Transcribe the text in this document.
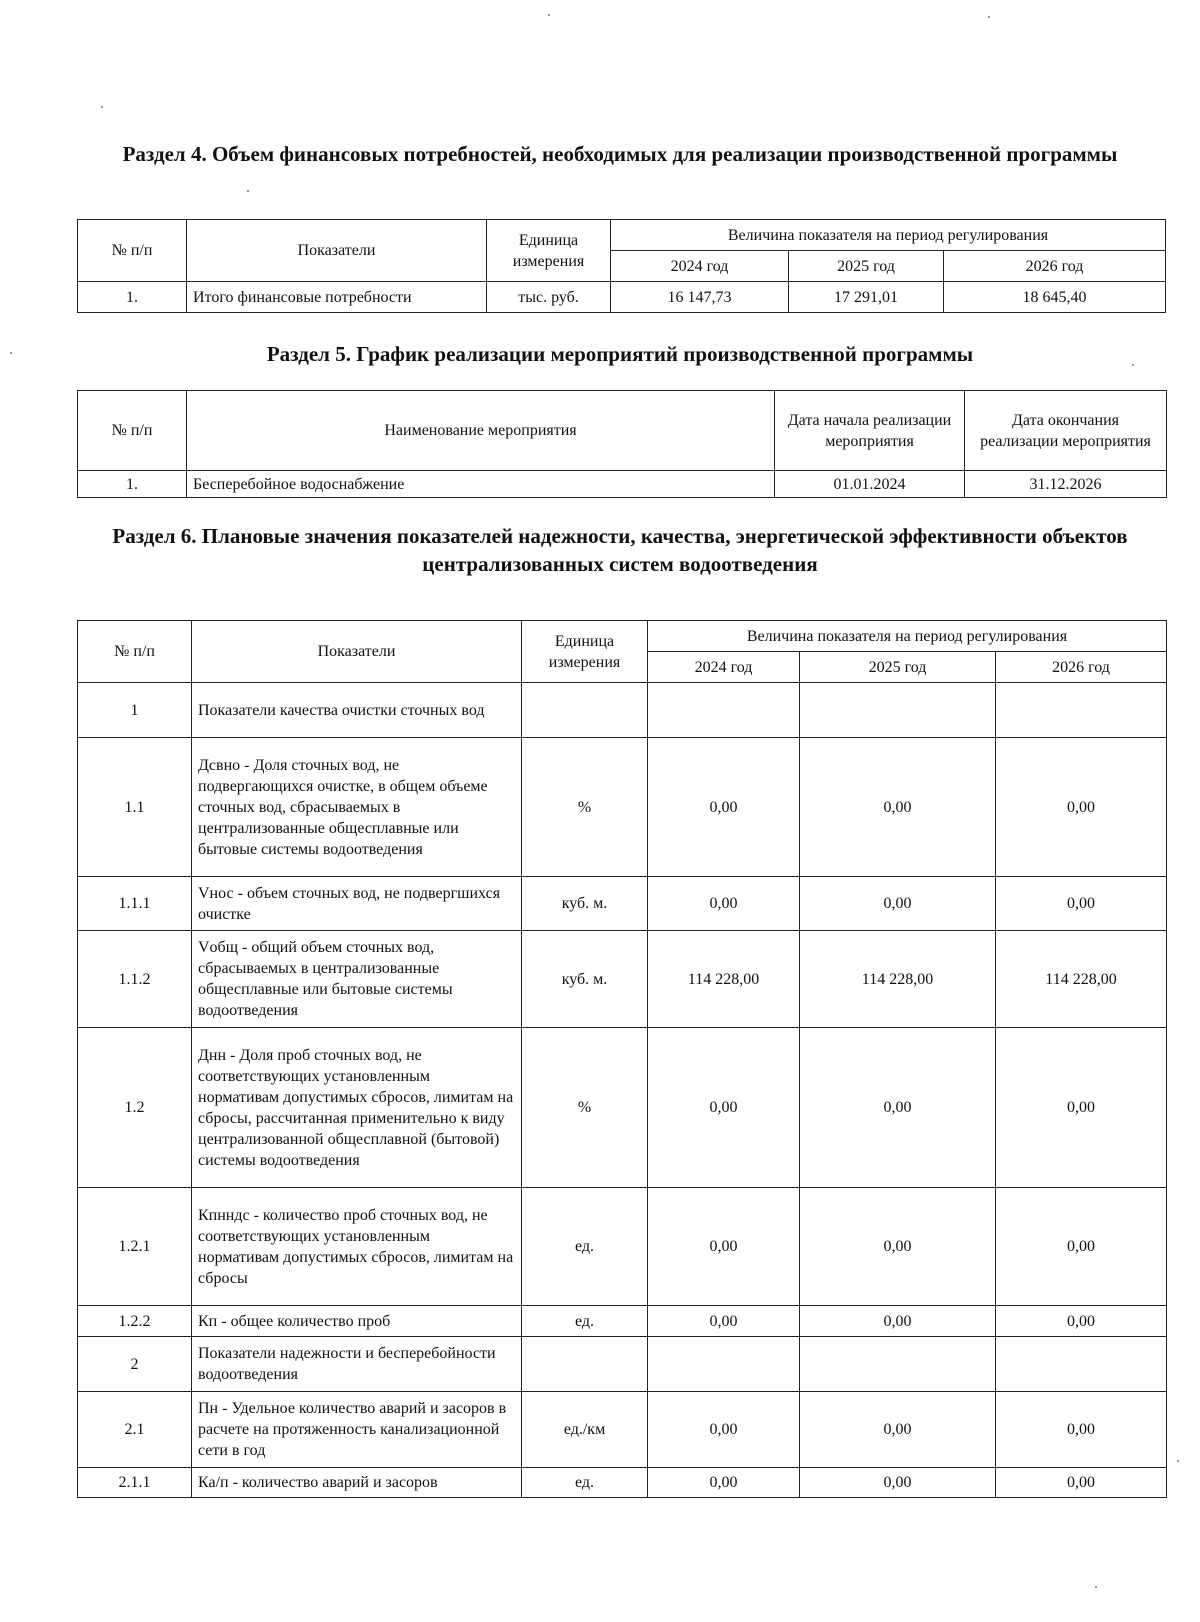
Раздел 4. Объем финансовых потребностей, необходимых для реализации производственной программы
№ п/п	Показатели	Единица измерения	Величина показателя на период регулирования		
			2024 год	2025 год	2026 год
1.	Итого финансовые потребности	тыс. руб.	16 147,73	17 291,01	18 645,40
Раздел 5. График реализации мероприятий производственной программы
№ п/п	Наименование мероприятия	Дата начала реализации мероприятия	Дата окончания реализации мероприятия
1.	Бесперебойное водоснабжение	01.01.2024	31.12.2026
Раздел 6. Плановые значения показателей надежности, качества, энергетической эффективности объектов централизованных систем водоотведения
№ п/п	Показатели	Единица измерения	Величина показателя на период регулирования		
			2024 год	2025 год	2026 год
1	Показатели качества очистки сточных вод				
1.1	Дсвно - Доля сточных вод, не подвергающихся очистке, в общем объеме сточных вод, сбрасываемых в централизованные общесплавные или бытовые системы водоотведения	%	0,00	0,00	0,00
1.1.1	Vнос - объем сточных вод, не подвергшихся очистке	куб. м.	0,00	0,00	0,00
1.1.2	Vобщ - общий объем сточных вод, сбрасываемых в централизованные общесплавные или бытовые системы водоотведения	куб. м.	114 228,00	114 228,00	114 228,00
1.2	Днн - Доля проб сточных вод, не соответствующих установленным нормативам допустимых сбросов, лимитам на сбросы, рассчитанная применительно к виду централизованной общесплавной (бытовой) системы водоотведения	%	0,00	0,00	0,00
1.2.1	Кпнндс - количество проб сточных вод, не соответствующих установленным нормативам допустимых сбросов, лимитам на сбросы	ед.	0,00	0,00	0,00
1.2.2	Кп - общее количество проб	ед.	0,00	0,00	0,00
2	Показатели надежности и бесперебойности водоотведения				
2.1	Пн - Удельное количество аварий и засоров в расчете на протяженность канализационной сети в год	ед./км	0,00	0,00	0,00
2.1.1	Ка/п - количество аварий и засоров	ед.	0,00	0,00	0,00
